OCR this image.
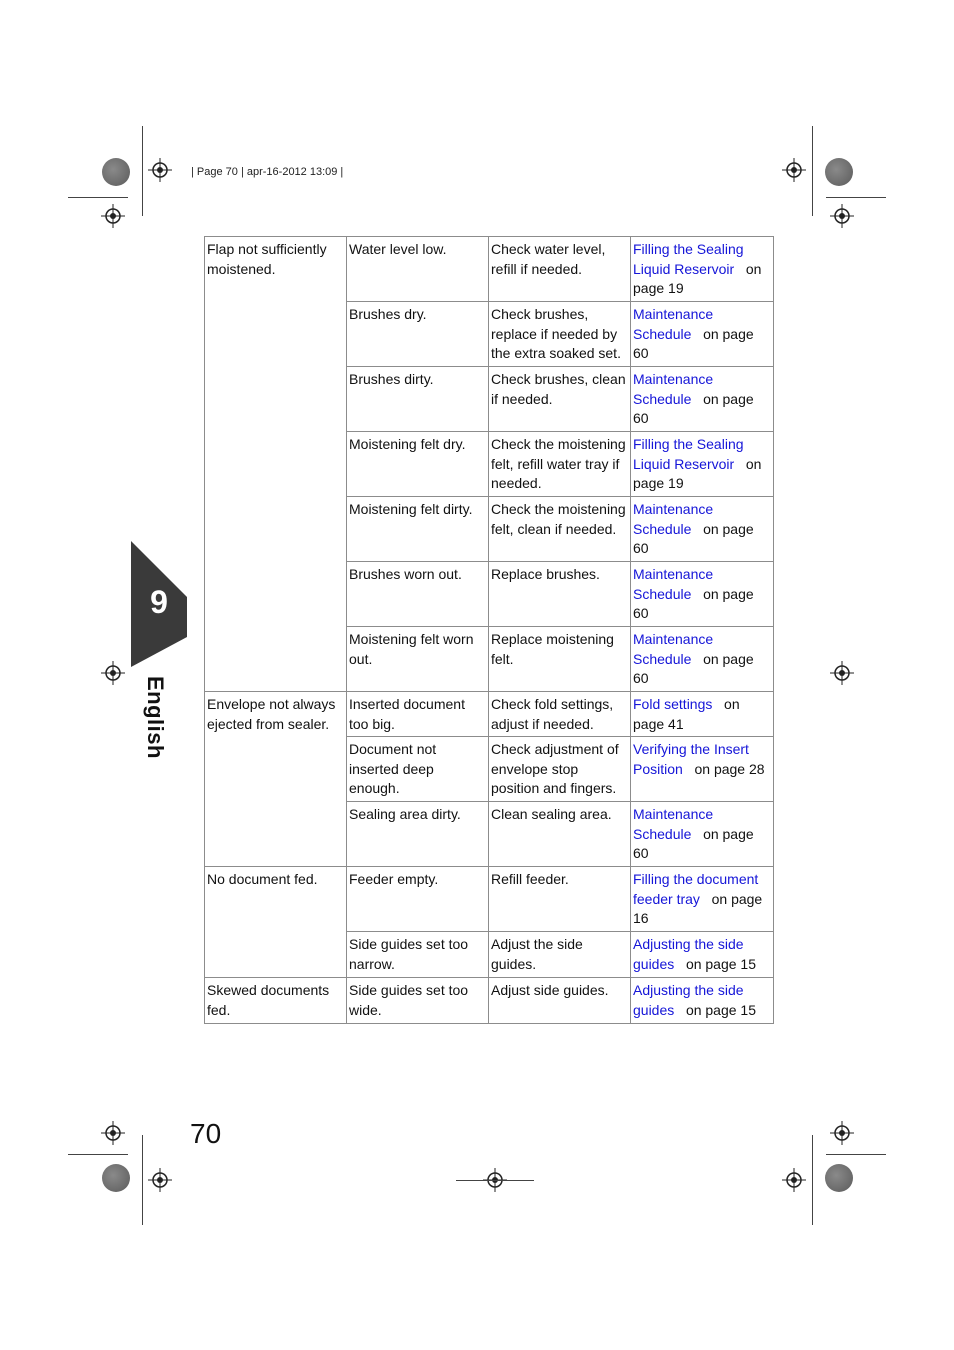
| Page 70 | apr-16-2012 13:09 |
9
English
Flap not sufficiently moistened.	Water level low.	Check water level, refill if needed.	Filling the Sealing Liquid Reservoir on page 19
	Brushes dry.	Check brushes, replace if needed by the extra soaked set.	Maintenance Schedule on page 60
	Brushes dirty.	Check brushes, clean if needed.	Maintenance Schedule on page 60
	Moistening felt dry.	Check the moistening felt, refill water tray if needed.	Filling the Sealing Liquid Reservoir on page 19
	Moistening felt dirty.	Check the moistening felt, clean if needed.	Maintenance Schedule on page 60
	Brushes worn out.	Replace brushes.	Maintenance Schedule on page 60
	Moistening felt worn out.	Replace moistening felt.	Maintenance Schedule on page 60
Envelope not always ejected from sealer.	Inserted document too big.	Check fold settings, adjust if needed.	Fold settings on page 41
	Document not inserted deep enough.	Check adjustment of envelope stop position and fingers.	Verifying the Insert Position on page 28
	Sealing area dirty.	Clean sealing area.	Maintenance Schedule on page 60
No document fed.	Feeder empty.	Refill feeder.	Filling the document feeder tray on page 16
	Side guides set too narrow.	Adjust the side guides.	Adjusting the side guides on page 15
Skewed documents fed.	Side guides set too wide.	Adjust side guides.	Adjusting the side guides on page 15
70
